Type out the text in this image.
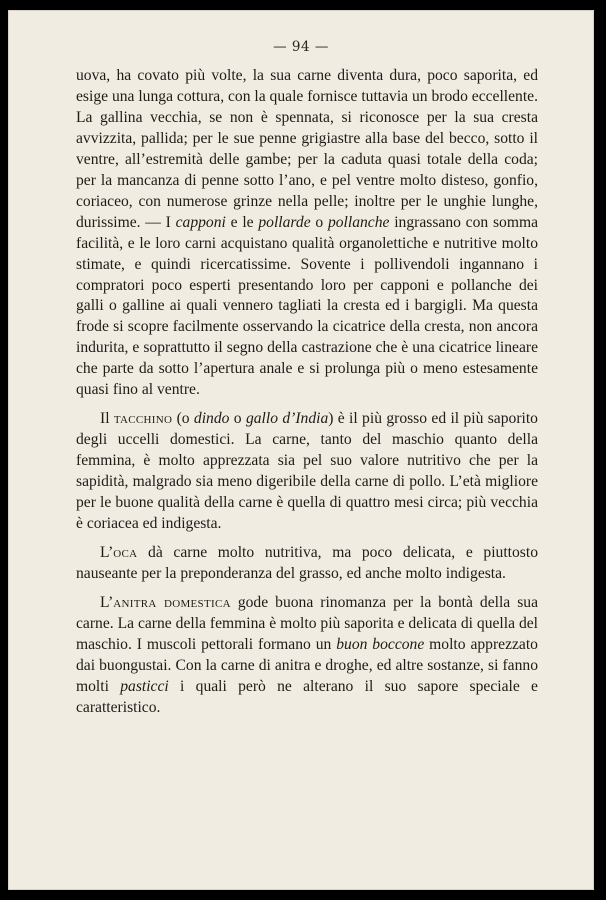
— 94 —

uova, ha covato più volte, la sua carne diventa dura, poco saporita, ed esige una lunga cottura, con la quale fornisce tuttavia un brodo eccellente. La gallina vecchia, se non è spennata, si riconosce per la sua cresta avvizzita, pallida; per le sue penne grigiastre alla base del becco, sotto il ventre, all’estremità delle gambe; per la caduta quasi totale della coda; per la mancanza di penne sotto l’ano, e pel ventre molto disteso, gonfio, coriaceo, con numerose grinze nella pelle; inoltre per le unghie lunghe, durissime. — I capponi e le pollarde o pollanche ingrassano con somma facilità, e le loro carni acquistano qualità organolettiche e nutritive molto stimate, e quindi ricercatissime. Sovente i pollivendoli ingannano i compratori poco esperti presentando loro per capponi e pollanche dei galli o galline ai quali vennero tagliati la cresta ed i bargigli. Ma questa frode si scopre facilmente osservando la cicatrice della cresta, non ancora indurita, e soprattutto il segno della castrazione che è una cicatrice lineare che parte da sotto l’apertura anale e si prolunga più o meno estesamente quasi fino al ventre.

Il tacchino (o dindo o gallo d’India) è il più grosso ed il più saporito degli uccelli domestici. La carne, tanto del maschio quanto della femmina, è molto apprezzata sia pel suo valore nutritivo che per la sapidità, malgrado sia meno digeribile della carne di pollo. L’età migliore per le buone qualità della carne è quella di quattro mesi circa; più vecchia è coriacea ed indigesta.

L’oca dà carne molto nutritiva, ma poco delicata, e piuttosto nauseante per la preponderanza del grasso, ed anche molto indigesta.

L’anitra domestica gode buona rinomanza per la bontà della sua carne. La carne della femmina è molto più saporita e delicata di quella del maschio. I muscoli pettorali formano un buon boccone molto apprezzato dai buongustai. Con la carne di anitra e droghe, ed altre sostanze, si fanno molti pasticci i quali però ne alterano il suo sapore speciale e caratteristico.
